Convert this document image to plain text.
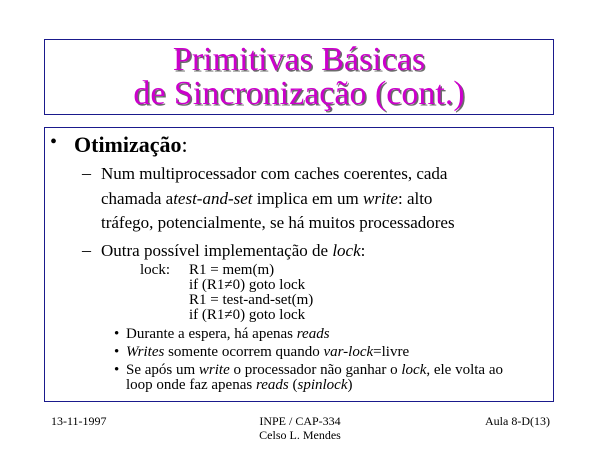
Primitivas Básicas
de Sincronização (cont.)
• Otimização:
– Num multiprocessador com caches coerentes, cada
chamada atest-and-set implica em um write: alto
tráfego, potencialmente, se há muitos processadores
– Outra possível implementação de lock:
lock: R1 = mem(m)
if (R1≠0) goto lock
R1 = test-and-set(m)
if (R1≠0) goto lock
• Durante a espera, há apenas reads
• Writes somente ocorrem quando var-lock=livre
• Se após um write o processador não ganhar o lock, ele volta ao
loop onde faz apenas reads (spinlock)
13-11-1997	INPE / CAP-334
Celso L. Mendes
Aula 8-D(13)
